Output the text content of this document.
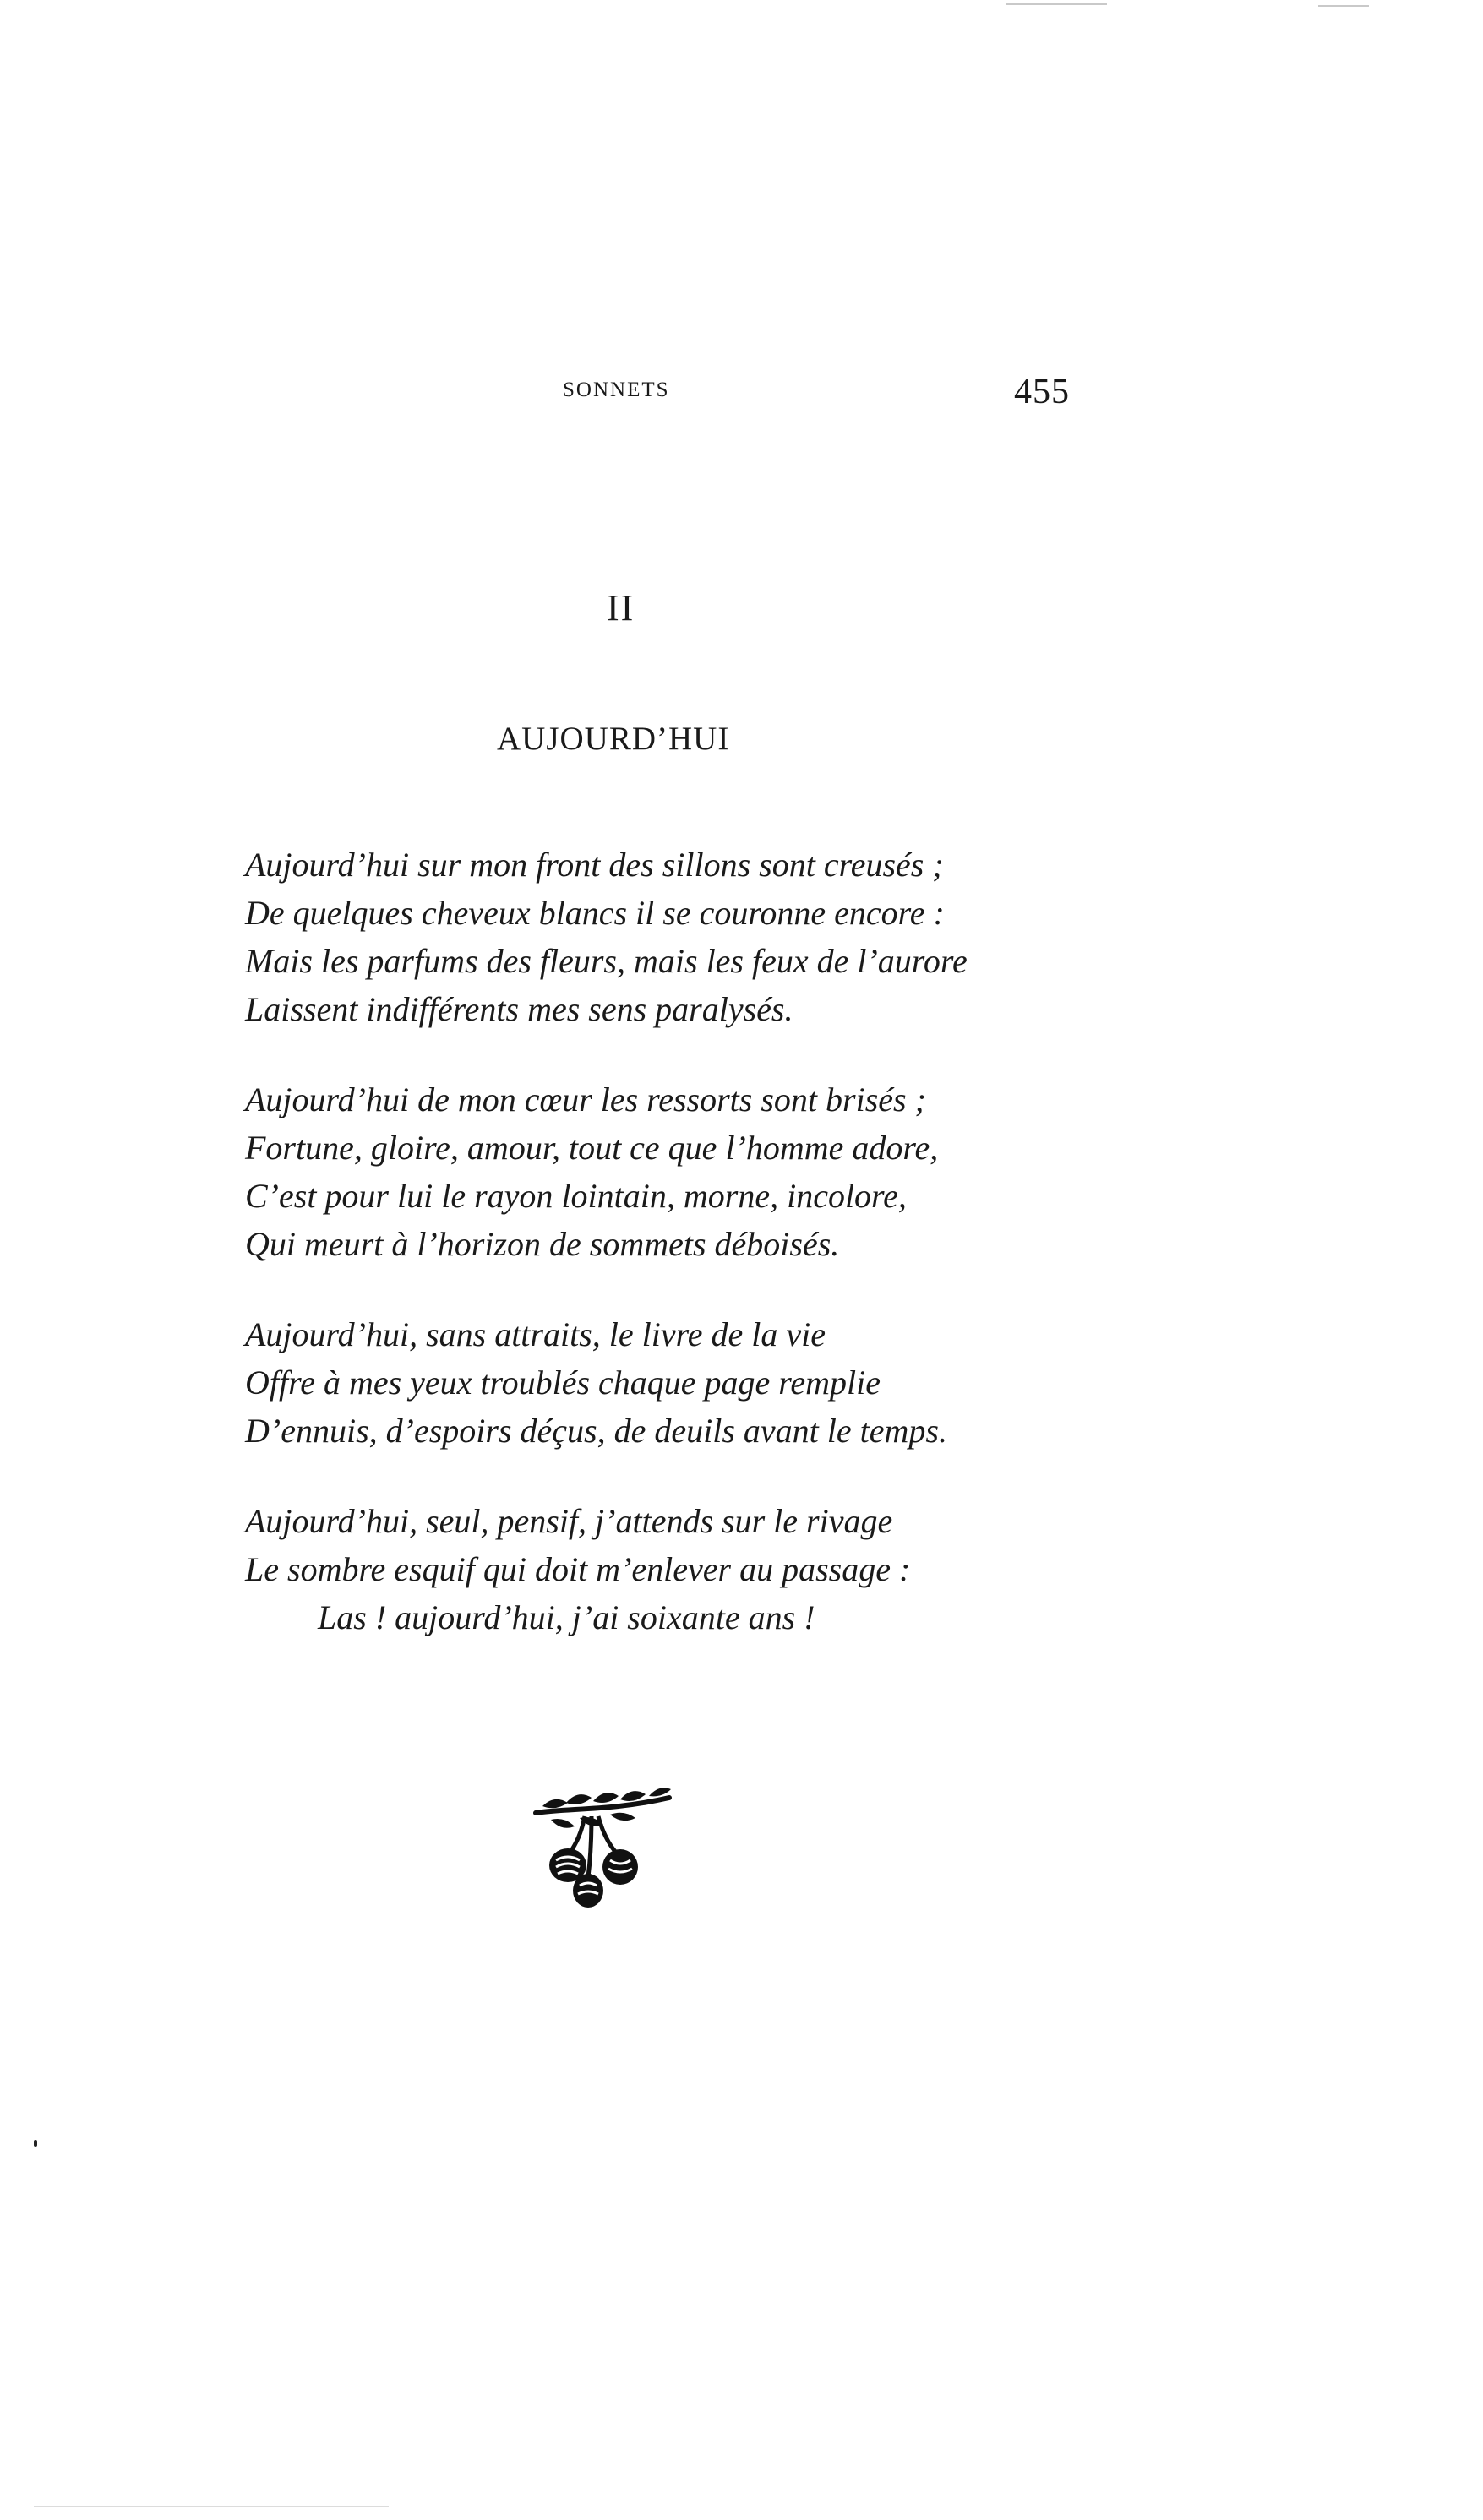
SONNETS	455
II
AUJOURD’HUI
Aujourd’hui sur mon front des sillons sont creusés ;
De quelques cheveux blancs il se couronne encore :
Mais les parfums des fleurs, mais les feux de l’aurore
Laissent indifférents mes sens paralysés.
Aujourd’hui de mon cœur les ressorts sont brisés ;
Fortune, gloire, amour, tout ce que l’homme adore,
C’est pour lui le rayon lointain, morne, incolore,
Qui meurt à l’horizon de sommets déboisés.
Aujourd’hui, sans attraits, le livre de la vie
Offre à mes yeux troublés chaque page remplie
D’ennuis, d’espoirs déçus, de deuils avant le temps.
Aujourd’hui, seul, pensif, j’attends sur le rivage
Le sombre esquif qui doit m’enlever au passage :
Las ! aujourd’hui, j’ai soixante ans !
